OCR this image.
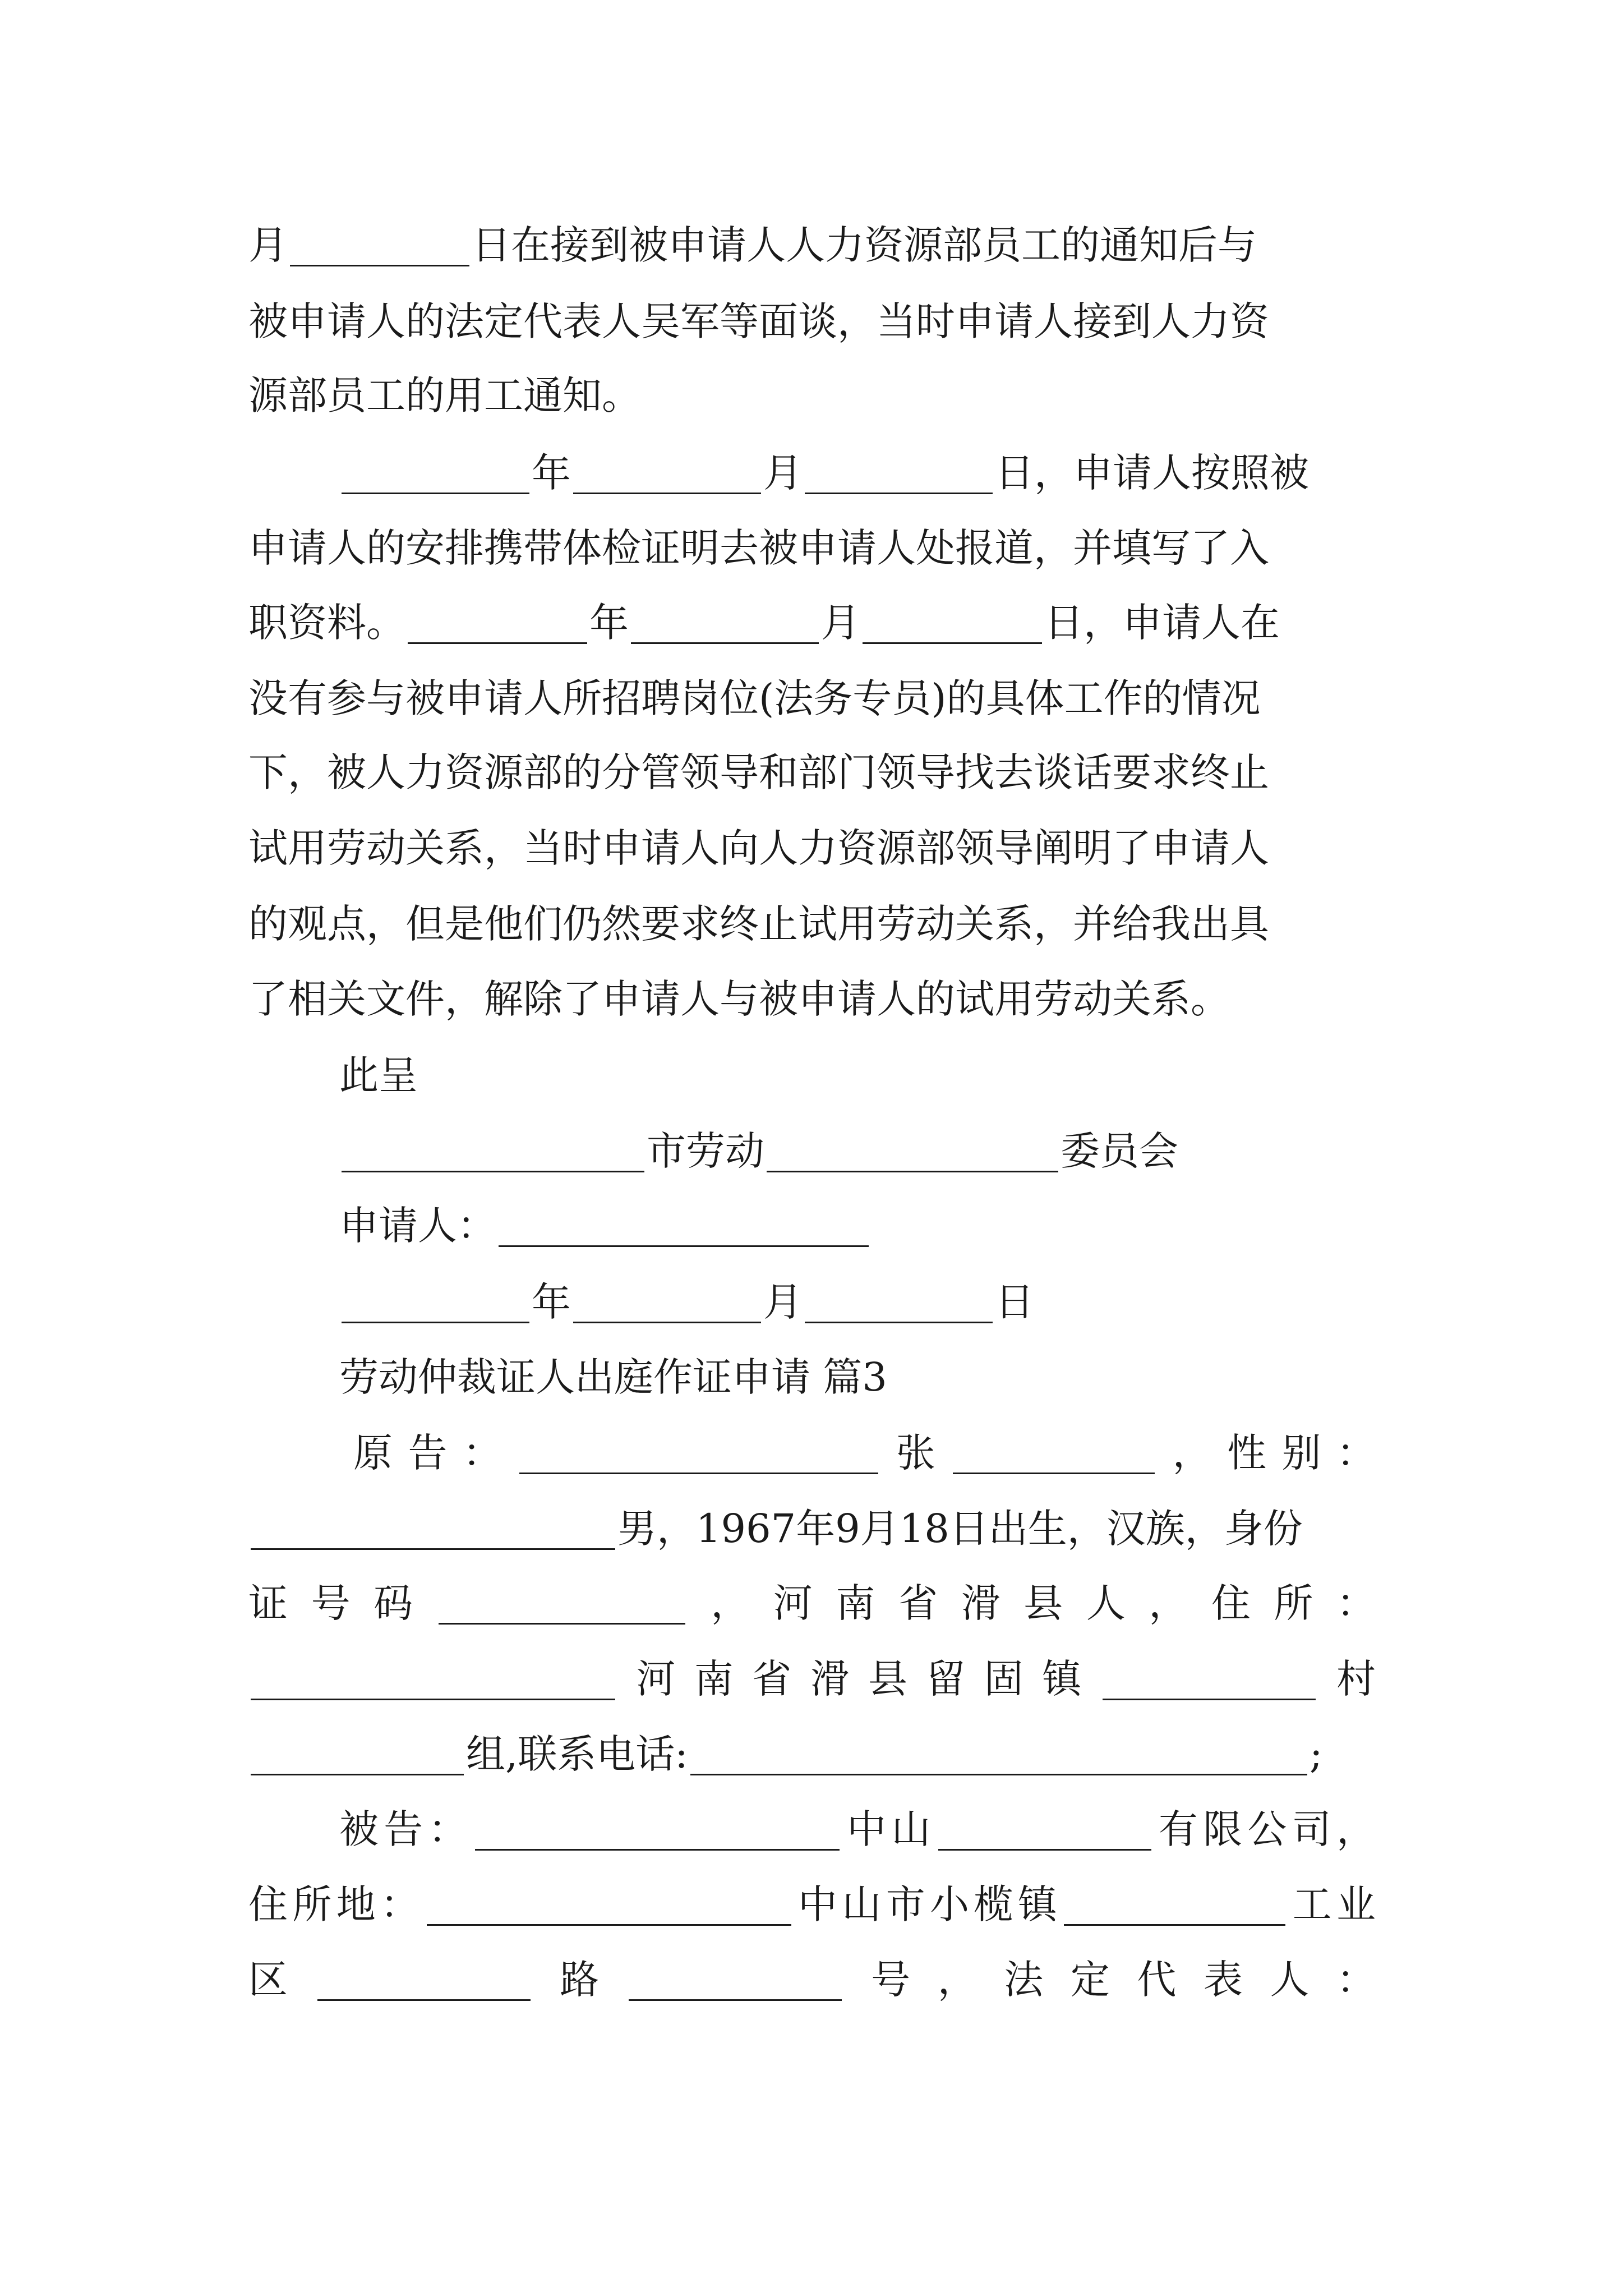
月	日在接到被申请人人力资源部员工的通知后与
被申请人的法定代表人吴军等面谈，当时申请人接到人力资
源部员工的用工通知。
年	月	日，申请人按照被
申请人的安排携带体检证明去被申请人处报道，并填写了入
职资料。	年	月	日，申请人在
没有参与被申请人所招聘岗位(法务专员)的具体工作的情况
下，被人力资源部的分管领导和部门领导找去谈话要求终止
试用劳动关系，当时申请人向人力资源部领导阐明了申请人
的观点，但是他们仍然要求终止试用劳动关系，并给我出具
了相关文件，解除了申请人与被申请人的试用劳动关系。
此呈
市劳动	委员会
申请人：
年	月	日
劳动仲裁证人出庭作证申请 篇3
原告：	张	，性别：
男，1967年9月18日出生，汉族，身份
证号码	，河南省滑县人，住所：
河南省滑县留固镇	村
组,联系电话:	;
被告：	中山	有限公司，
住所地：	中山市小榄镇	工业
区	路	号，法定代表人：
